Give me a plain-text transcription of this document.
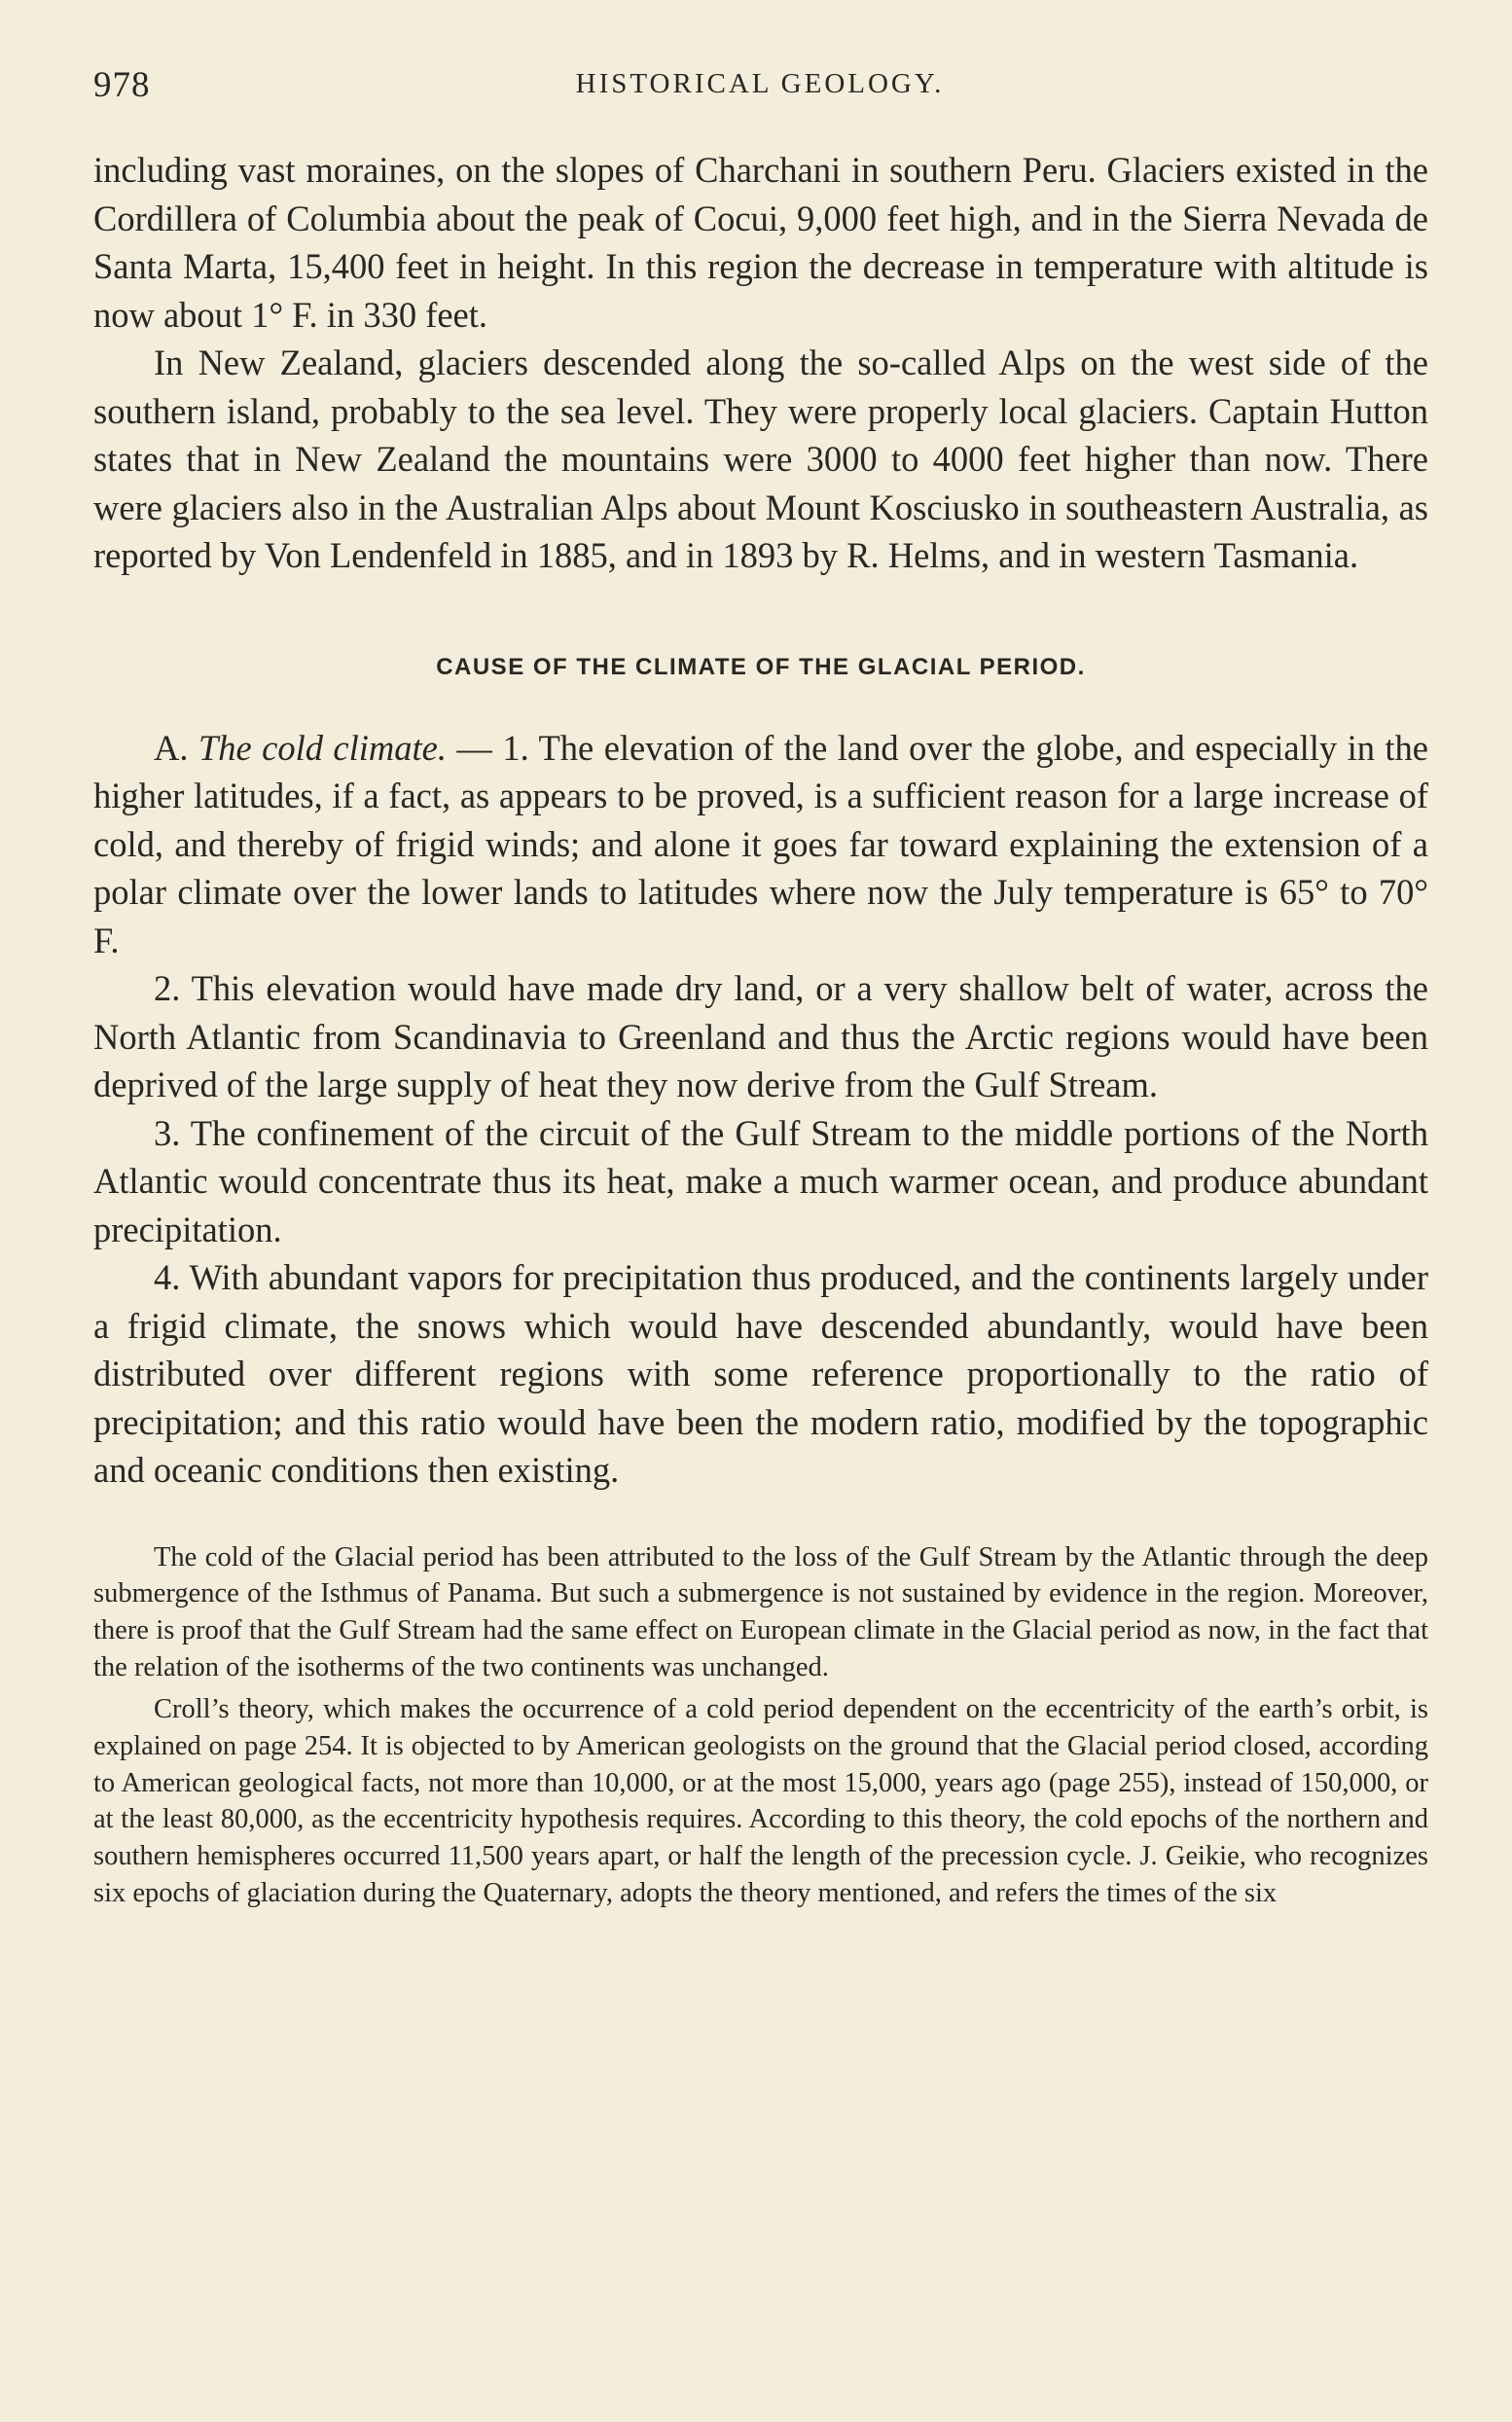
978	HISTORICAL GEOLOGY.

including vast moraines, on the slopes of Charchani in southern Peru. Glaciers existed in the Cordillera of Columbia about the peak of Cocui, 9,000 feet high, and in the Sierra Nevada de Santa Marta, 15,400 feet in height. In this region the decrease in temperature with altitude is now about 1° F. in 330 feet.

In New Zealand, glaciers descended along the so-called Alps on the west side of the southern island, probably to the sea level. They were properly local glaciers. Captain Hutton states that in New Zealand the mountains were 3000 to 4000 feet higher than now. There were glaciers also in the Australian Alps about Mount Kosciusko in southeastern Australia, as reported by Von Lendenfeld in 1885, and in 1893 by R. Helms, and in western Tasmania.

CAUSE OF THE CLIMATE OF THE GLACIAL PERIOD.

A. The cold climate. — 1. The elevation of the land over the globe, and especially in the higher latitudes, if a fact, as appears to be proved, is a sufficient reason for a large increase of cold, and thereby of frigid winds; and alone it goes far toward explaining the extension of a polar climate over the lower lands to latitudes where now the July temperature is 65° to 70° F.

2. This elevation would have made dry land, or a very shallow belt of water, across the North Atlantic from Scandinavia to Greenland and thus the Arctic regions would have been deprived of the large supply of heat they now derive from the Gulf Stream.

3. The confinement of the circuit of the Gulf Stream to the middle portions of the North Atlantic would concentrate thus its heat, make a much warmer ocean, and produce abundant precipitation.

4. With abundant vapors for precipitation thus produced, and the continents largely under a frigid climate, the snows which would have descended abundantly, would have been distributed over different regions with some reference proportionally to the ratio of precipitation; and this ratio would have been the modern ratio, modified by the topographic and oceanic conditions then existing.

The cold of the Glacial period has been attributed to the loss of the Gulf Stream by the Atlantic through the deep submergence of the Isthmus of Panama. But such a submergence is not sustained by evidence in the region. Moreover, there is proof that the Gulf Stream had the same effect on European climate in the Glacial period as now, in the fact that the relation of the isotherms of the two continents was unchanged.

Croll’s theory, which makes the occurrence of a cold period dependent on the eccentricity of the earth’s orbit, is explained on page 254. It is objected to by American geologists on the ground that the Glacial period closed, according to American geological facts, not more than 10,000, or at the most 15,000, years ago (page 255), instead of 150,000, or at the least 80,000, as the eccentricity hypothesis requires. According to this theory, the cold epochs of the northern and southern hemispheres occurred 11,500 years apart, or half the length of the precession cycle. J. Geikie, who recognizes six epochs of glaciation during the Quaternary, adopts the theory mentioned, and refers the times of the six
